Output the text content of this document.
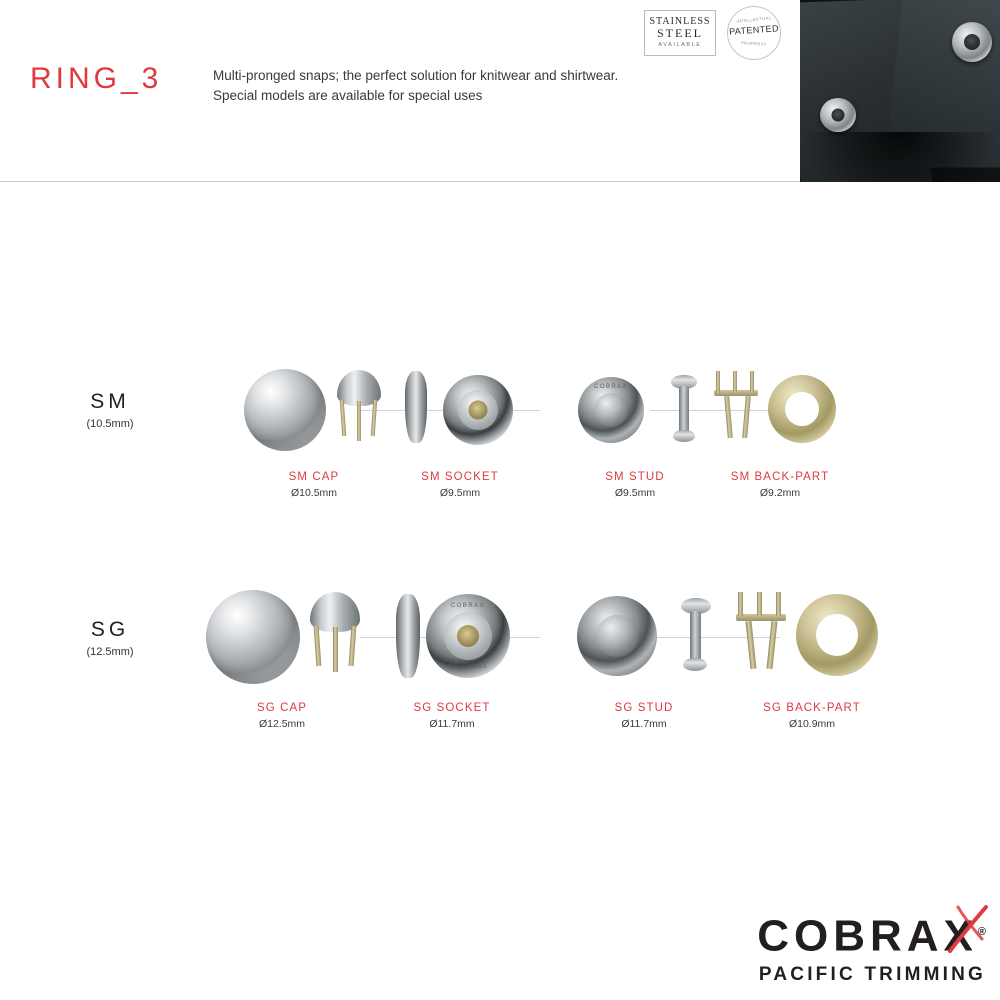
RING_3	Multi-pronged snaps; the perfect solution for knitwear and shirtwear.
Special models are available for special uses
STAINLESS
STEEL
AVAILABLE
INTELLECTUAL
PATENTED
PROPERTY
SM
(10.5mm)
SM CAP
Ø10.5mm
SM SOCKET
Ø9.5mm
COBRAX
SM STUD
Ø9.5mm
SM BACK-PART
Ø9.2mm
SG
(12.5mm)
SG CAP
Ø12.5mm
COBRAX
ORIGINAL
SG SOCKET
Ø11.7mm
SG STUD
Ø11.7mm
SG BACK-PART
Ø10.9mm
COBRAX®
PACIFIC TRIMMING
